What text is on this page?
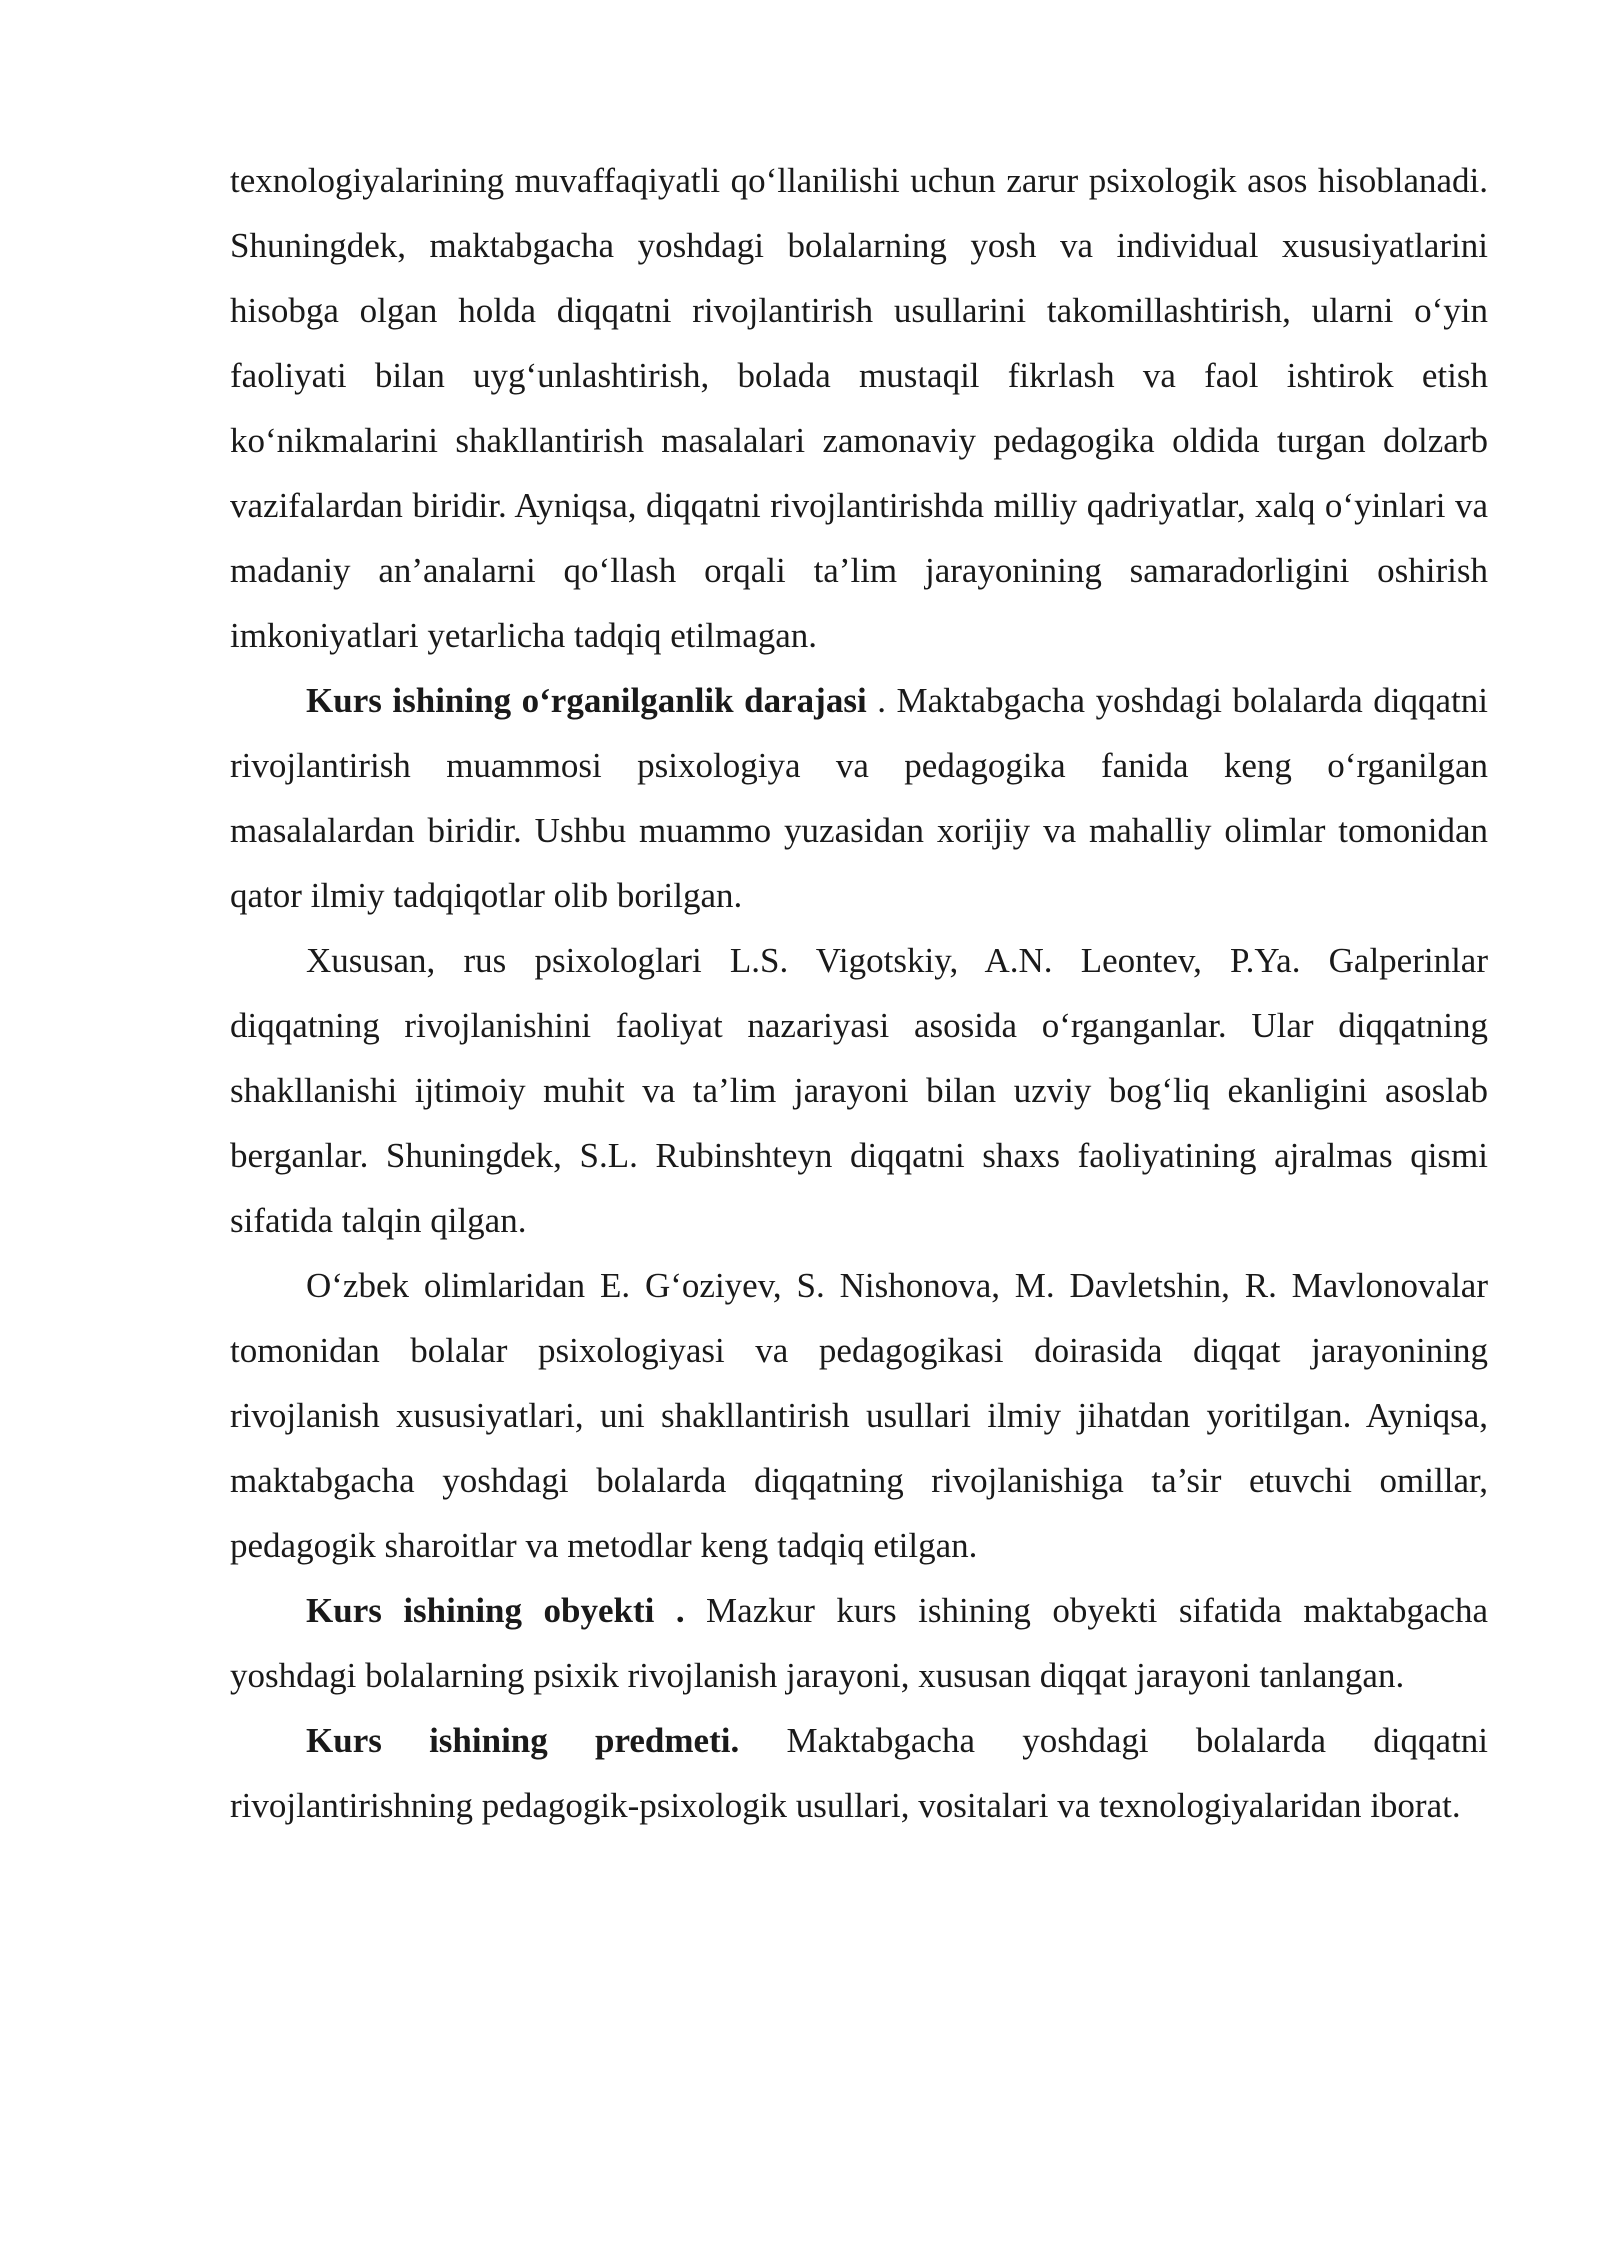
texnologiyalarining muvaffaqiyatli qo‘llanilishi uchun zarur psixologik asos hisoblanadi. Shuningdek, maktabgacha yoshdagi bolalarning yosh va individual xususiyatlarini hisobga olgan holda diqqatni rivojlantirish usullarini takomillashtirish, ularni o‘yin faoliyati bilan uyg‘unlashtirish, bolada mustaqil fikrlash va faol ishtirok etish ko‘nikmalarini shakllantirish masalalari zamonaviy pedagogika oldida turgan dolzarb vazifalardan biridir. Ayniqsa, diqqatni rivojlantirishda milliy qadriyatlar, xalq o‘yinlari va madaniy an’analarni qo‘llash orqali ta’lim jarayonining samaradorligini oshirish imkoniyatlari yetarlicha tadqiq etilmagan.

Kurs ishining o‘rganilganlik darajasi . Maktabgacha yoshdagi bolalarda diqqatni rivojlantirish muammosi psixologiya va pedagogika fanida keng o‘rganilgan masalalardan biridir. Ushbu muammo yuzasidan xorijiy va mahalliy olimlar tomonidan qator ilmiy tadqiqotlar olib borilgan.

Xususan, rus psixologlari L.S. Vigotskiy, A.N. Leontev, P.Ya. Galperinlar diqqatning rivojlanishini faoliyat nazariyasi asosida o‘rganganlar. Ular diqqatning shakllanishi ijtimoiy muhit va ta’lim jarayoni bilan uzviy bog‘liq ekanligini asoslab berganlar. Shuningdek, S.L. Rubinshteyn diqqatni shaxs faoliyatining ajralmas qismi sifatida talqin qilgan.

O‘zbek olimlaridan E. G‘oziyev, S. Nishonova, M. Davletshin, R. Mavlonovalar tomonidan bolalar psixologiyasi va pedagogikasi doirasida diqqat jarayonining rivojlanish xususiyatlari, uni shakllantirish usullari ilmiy jihatdan yoritilgan. Ayniqsa, maktabgacha yoshdagi bolalarda diqqatning rivojlanishiga ta’sir etuvchi omillar, pedagogik sharoitlar va metodlar keng tadqiq etilgan.

Kurs ishining obyekti . Mazkur kurs ishining obyekti sifatida maktabgacha yoshdagi bolalarning psixik rivojlanish jarayoni, xususan diqqat jarayoni tanlangan.

Kurs ishining predmeti. Maktabgacha yoshdagi bolalarda diqqatni rivojlantirishning pedagogik-psixologik usullari, vositalari va texnologiyalaridan iborat.
